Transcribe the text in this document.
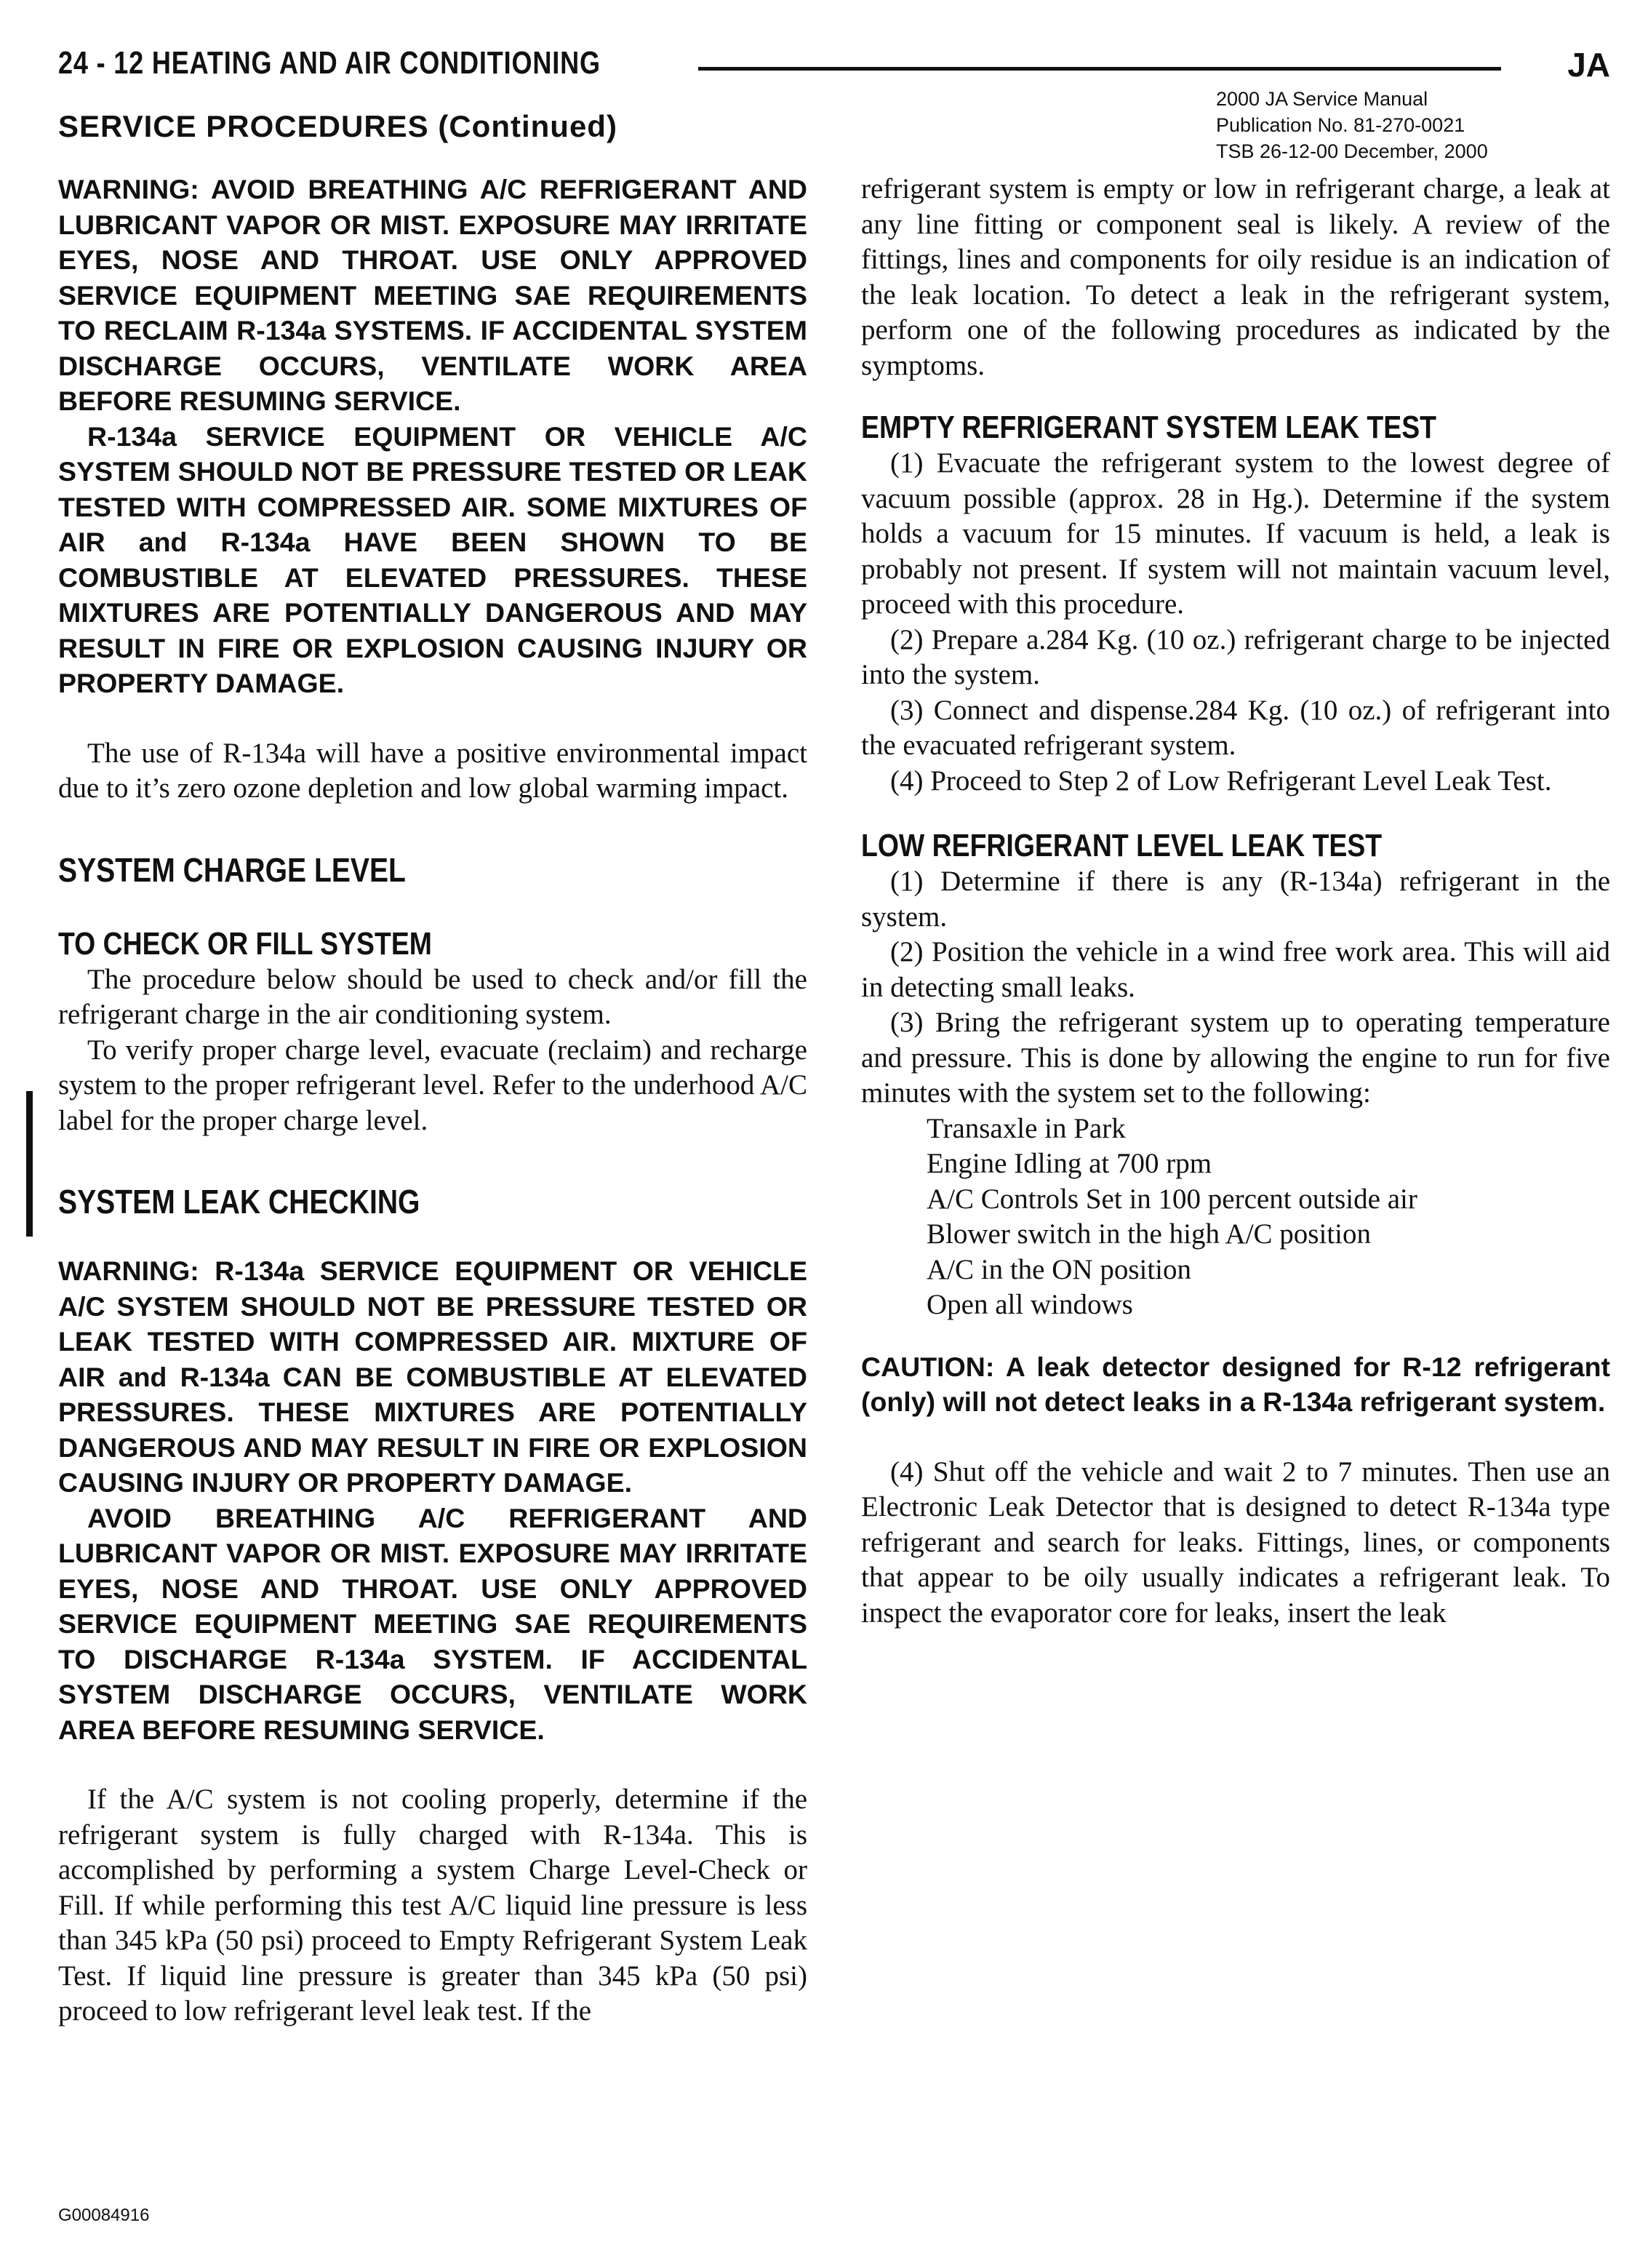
24 - 12 HEATING AND AIR CONDITIONING	JA
2000 JA Service Manual
Publication No. 81-270-0021
TSB 26-12-00 December, 2000
SERVICE PROCEDURES (Continued)

WARNING: AVOID BREATHING A/C REFRIGERANT AND LUBRICANT VAPOR OR MIST. EXPOSURE MAY IRRITATE EYES, NOSE AND THROAT. USE ONLY APPROVED SERVICE EQUIPMENT MEETING SAE REQUIREMENTS TO RECLAIM R-134a SYSTEMS. IF ACCIDENTAL SYSTEM DISCHARGE OCCURS, VENTILATE WORK AREA BEFORE RESUMING SERVICE.

R-134a SERVICE EQUIPMENT OR VEHICLE A/C SYSTEM SHOULD NOT BE PRESSURE TESTED OR LEAK TESTED WITH COMPRESSED AIR. SOME MIXTURES OF AIR and R-134a HAVE BEEN SHOWN TO BE COMBUSTIBLE AT ELEVATED PRESSURES. THESE MIXTURES ARE POTENTIALLY DANGEROUS AND MAY RESULT IN FIRE OR EXPLOSION CAUSING INJURY OR PROPERTY DAMAGE.

The use of R-134a will have a positive environmental impact due to it’s zero ozone depletion and low global warming impact.

SYSTEM CHARGE LEVEL

TO CHECK OR FILL SYSTEM

The procedure below should be used to check and/or fill the refrigerant charge in the air conditioning system.

To verify proper charge level, evacuate (reclaim) and recharge system to the proper refrigerant level. Refer to the underhood A/C label for the proper charge level.

SYSTEM LEAK CHECKING

WARNING: R-134a SERVICE EQUIPMENT OR VEHICLE A/C SYSTEM SHOULD NOT BE PRESSURE TESTED OR LEAK TESTED WITH COMPRESSED AIR. MIXTURE OF AIR and R-134a CAN BE COMBUSTIBLE AT ELEVATED PRESSURES. THESE MIXTURES ARE POTENTIALLY DANGEROUS AND MAY RESULT IN FIRE OR EXPLOSION CAUSING INJURY OR PROPERTY DAMAGE.

AVOID BREATHING A/C REFRIGERANT AND LUBRICANT VAPOR OR MIST. EXPOSURE MAY IRRITATE EYES, NOSE AND THROAT. USE ONLY APPROVED SERVICE EQUIPMENT MEETING SAE REQUIREMENTS TO DISCHARGE R-134a SYSTEM. IF ACCIDENTAL SYSTEM DISCHARGE OCCURS, VENTILATE WORK AREA BEFORE RESUMING SERVICE.

If the A/C system is not cooling properly, determine if the refrigerant system is fully charged with R-134a. This is accomplished by performing a system Charge Level-Check or Fill. If while performing this test A/C liquid line pressure is less than 345 kPa (50 psi) proceed to Empty Refrigerant System Leak Test. If liquid line pressure is greater than 345 kPa (50 psi) proceed to low refrigerant level leak test. If the

refrigerant system is empty or low in refrigerant charge, a leak at any line fitting or component seal is likely. A review of the fittings, lines and components for oily residue is an indication of the leak location. To detect a leak in the refrigerant system, perform one of the following procedures as indicated by the symptoms.

EMPTY REFRIGERANT SYSTEM LEAK TEST

(1) Evacuate the refrigerant system to the lowest degree of vacuum possible (approx. 28 in Hg.). Determine if the system holds a vacuum for 15 minutes. If vacuum is held, a leak is probably not present. If system will not maintain vacuum level, proceed with this procedure.

(2) Prepare a.284 Kg. (10 oz.) refrigerant charge to be injected into the system.

(3) Connect and dispense.284 Kg. (10 oz.) of refrigerant into the evacuated refrigerant system.

(4) Proceed to Step 2 of Low Refrigerant Level Leak Test.

LOW REFRIGERANT LEVEL LEAK TEST

(1) Determine if there is any (R-134a) refrigerant in the system.

(2) Position the vehicle in a wind free work area. This will aid in detecting small leaks.

(3) Bring the refrigerant system up to operating temperature and pressure. This is done by allowing the engine to run for five minutes with the system set to the following:

Transaxle in Park
Engine Idling at 700 rpm
A/C Controls Set in 100 percent outside air
Blower switch in the high A/C position
A/C in the ON position
Open all windows

CAUTION: A leak detector designed for R-12 refrigerant (only) will not detect leaks in a R-134a refrigerant system.

(4) Shut off the vehicle and wait 2 to 7 minutes. Then use an Electronic Leak Detector that is designed to detect R-134a type refrigerant and search for leaks. Fittings, lines, or components that appear to be oily usually indicates a refrigerant leak. To inspect the evaporator core for leaks, insert the leak

G00084916
